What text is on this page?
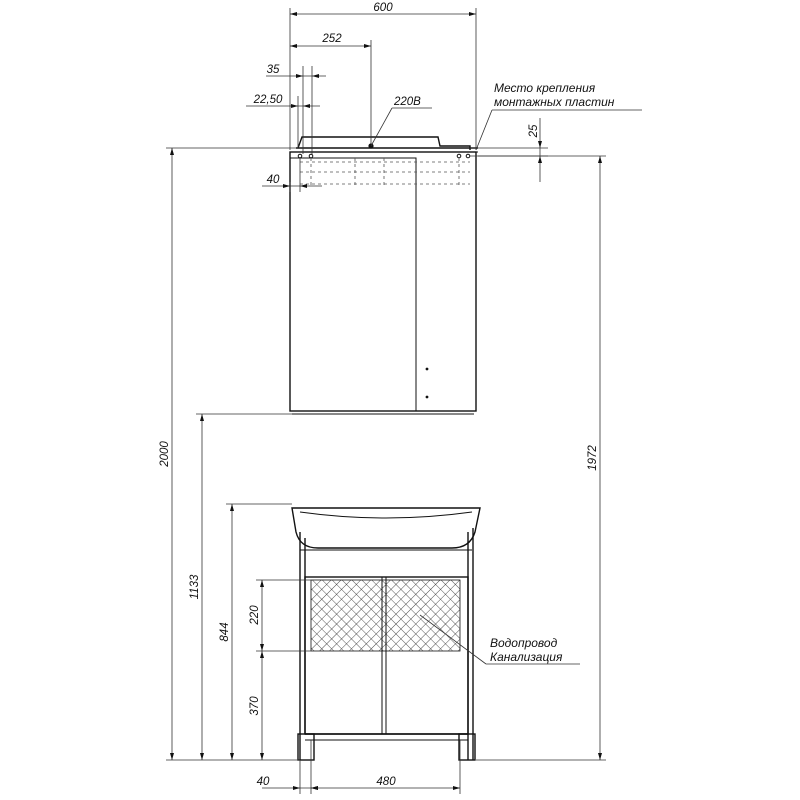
600
252
35
22,50
40
25
220В
Место крепления
монтажных пластин
2000
1133
844
220
370
1972
Водопровод
Канализация
40	480
